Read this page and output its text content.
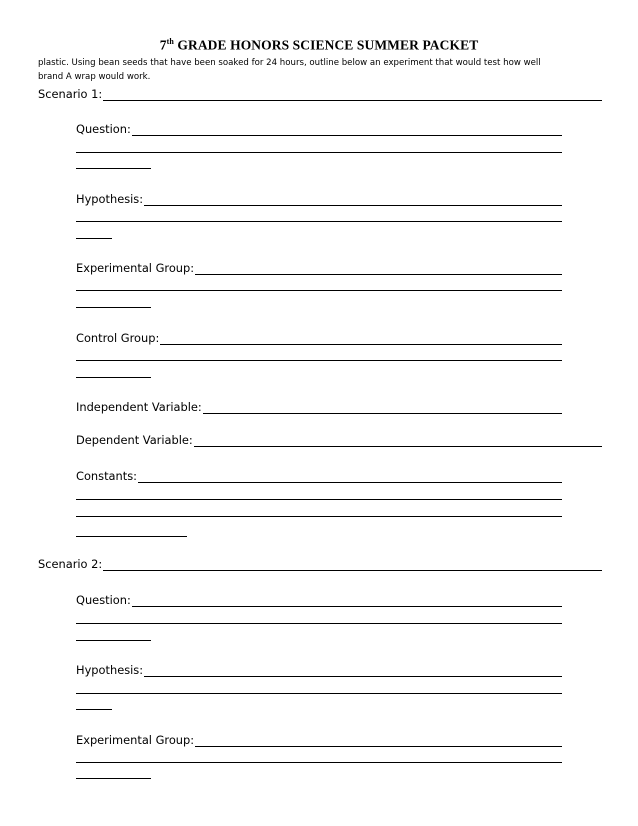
7th GRADE HONORS SCIENCE SUMMER PACKET
plastic. Using bean seeds that have been soaked for 24 hours, outline below an experiment that would test how well
brand A wrap would work.
Scenario 1:
Question:
Hypothesis:
Experimental Group:
Control Group:
Independent Variable:
Dependent Variable:
Constants:
Scenario 2:
Question:
Hypothesis:
Experimental Group:
